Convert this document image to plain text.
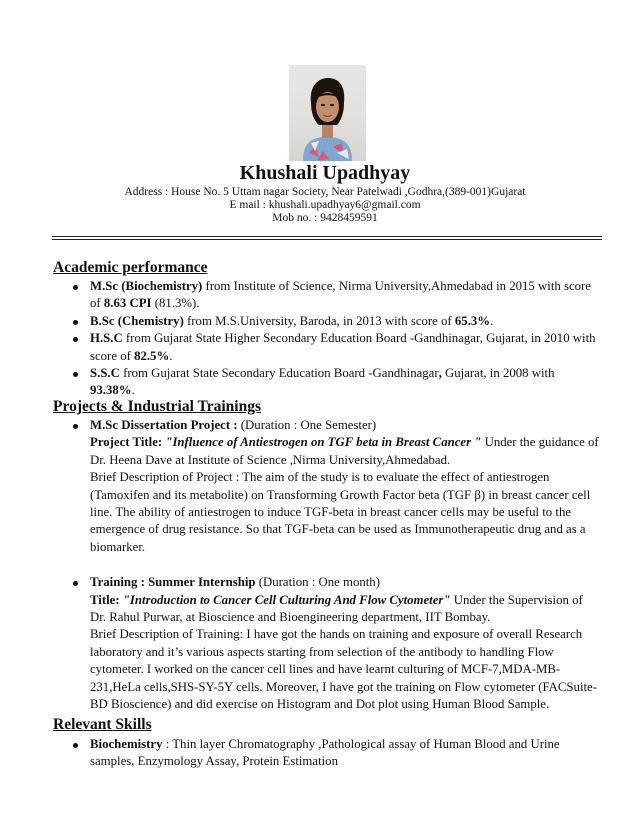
Khushali Upadhyay
Address : House No. 5 Uttam nagar Society, Near Patelwadi ,Godhra,(389-001)Gujarat
E mail : khushali.upadhyay6@gmail.com
Mob no. : 9428459591
Academic performance
M.Sc (Biochemistry) from Institute of Science, Nirma University,Ahmedabad in 2015 with score of 8.63 CPI (81.3%).
B.Sc (Chemistry) from M.S.University, Baroda, in 2013 with score of 65.3%.
H.S.C from Gujarat State Higher Secondary Education Board -Gandhinagar, Gujarat, in 2010 with score of 82.5%.
S.S.C from Gujarat State Secondary Education Board -Gandhinagar, Gujarat, in 2008 with 93.38%.
Projects & Industrial Trainings
M.Sc Dissertation Project : (Duration : One Semester)
Project Title: "Influence of Antiestrogen on TGF beta in Breast Cancer " Under the guidance of Dr. Heena Dave at Institute of Science ,Nirma University,Ahmedabad.
Brief Description of Project : The aim of the study is to evaluate the effect of antiestrogen (Tamoxifen and its metabolite) on Transforming Growth Factor beta (TGF β) in breast cancer cell line. The ability of antiestrogen to induce TGF-beta in breast cancer cells may be useful to the emergence of drug resistance. So that TGF-beta can be used as Immunotherapeutic drug and as a biomarker.
Training : Summer Internship (Duration : One month)
Title: "Introduction to Cancer Cell Culturing And Flow Cytometer" Under the Supervision of Dr. Rahul Purwar, at Bioscience and Bioengineering department, IIT Bombay.
Brief Description of Training: I have got the hands on training and exposure of overall Research laboratory and it’s various aspects starting from selection of the antibody to handling Flow cytometer. I worked on the cancer cell lines and have learnt culturing of MCF-7,MDA-MB-231,HeLa cells,SHS-SY-5Y cells. Moreover, I have got the training on Flow cytometer (FACSuite- BD Bioscience) and did exercise on Histogram and Dot plot using Human Blood Sample.
Relevant Skills
Biochemistry : Thin layer Chromatography ,Pathological assay of Human Blood and Urine samples, Enzymology Assay, Protein Estimation
